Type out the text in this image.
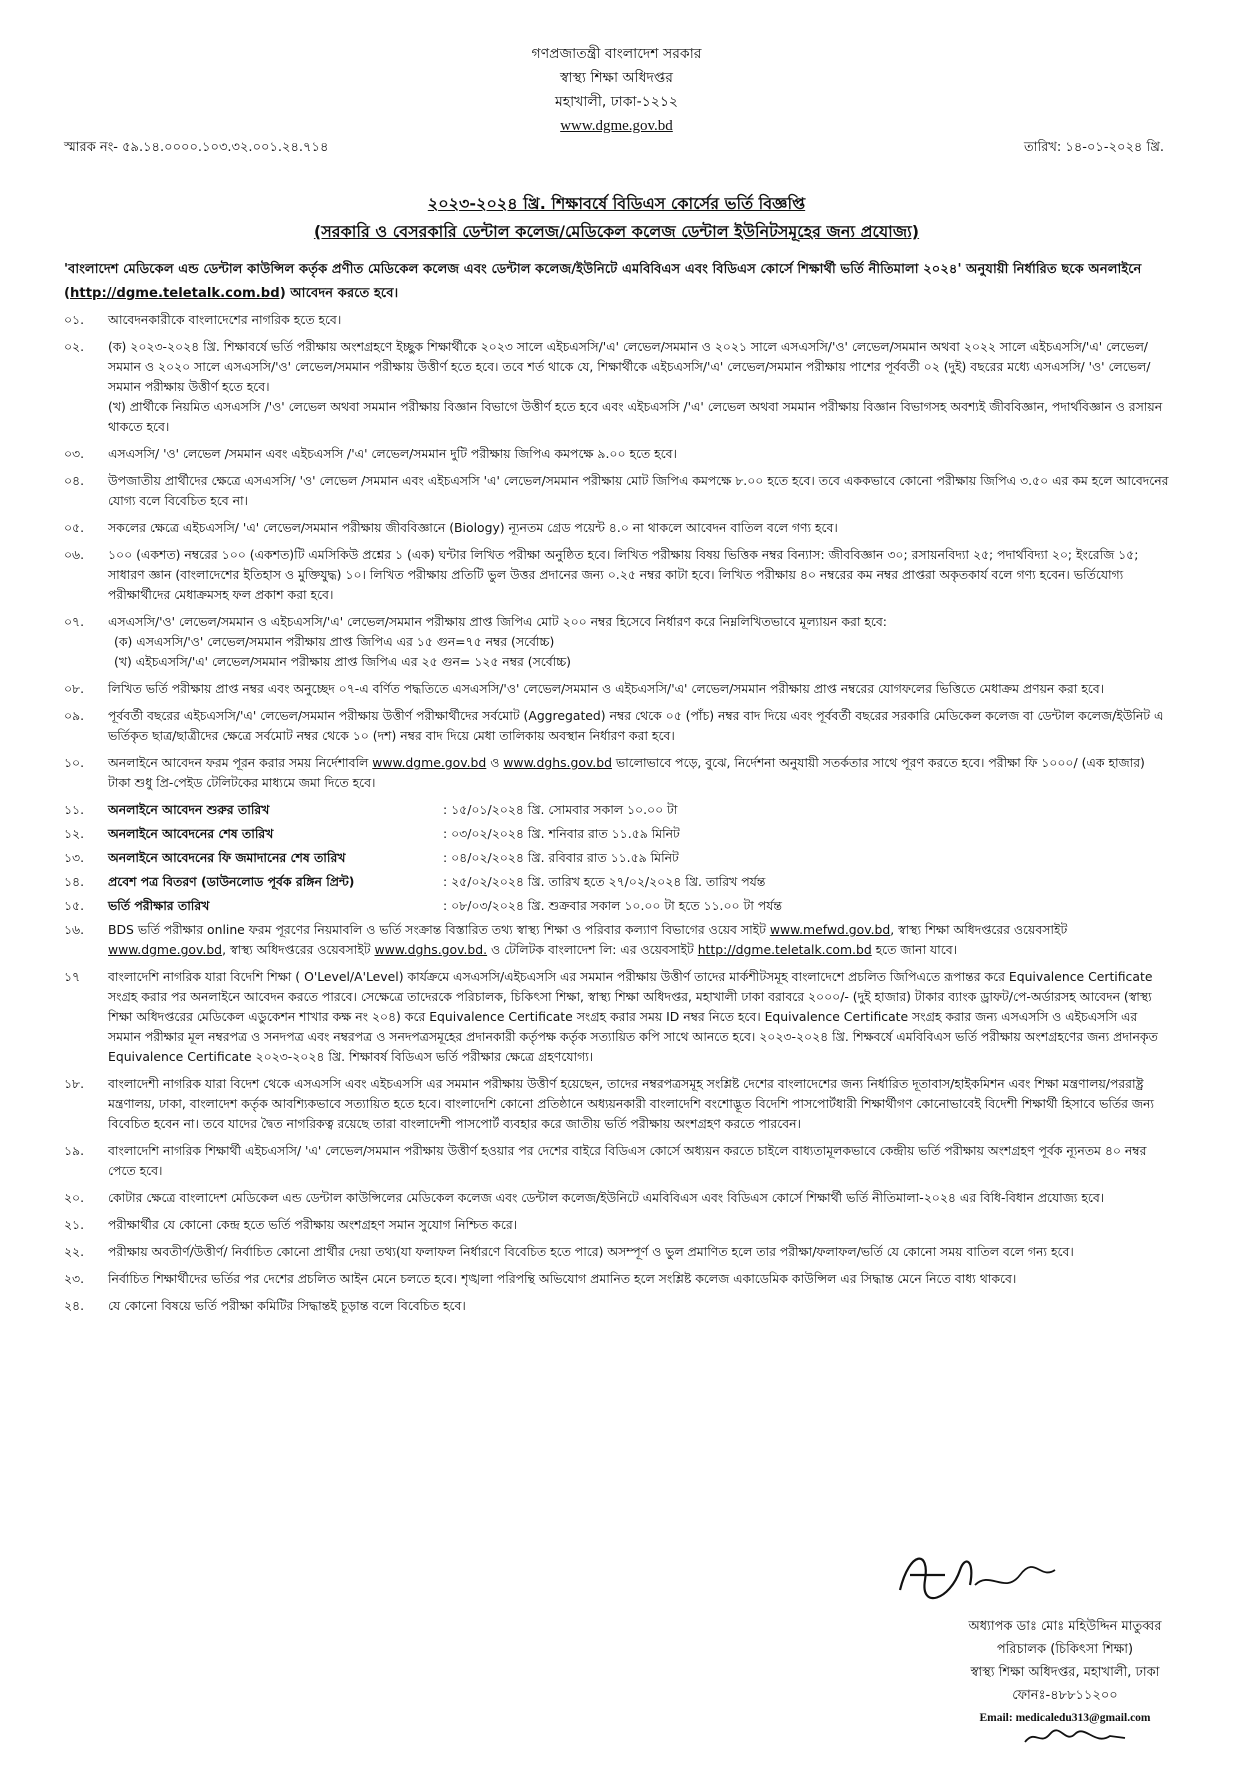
গণপ্রজাতন্ত্রী বাংলাদেশ সরকার
স্বাস্থ্য শিক্ষা অধিদপ্তর
মহাখালী, ঢাকা-১২১২
www.dgme.gov.bd
স্মারক নং- ৫৯.১৪.০০০০.১০৩.৩২.০০১.২৪.৭১৪	তারিখ: ১৪-০১-২০২৪ খ্রি.
২০২৩-২০২৪ খ্রি. শিক্ষাবর্ষে বিডিএস কোর্সের ভর্তি বিজ্ঞপ্তি
(সরকারি ও বেসরকারি ডেন্টাল কলেজ/মেডিকেল কলেজ ডেন্টাল ইউনিটসমূহের জন্য প্রযোজ্য)
'বাংলাদেশ মেডিকেল এন্ড ডেন্টাল কাউন্সিল কর্তৃক প্রণীত মেডিকেল কলেজ এবং ডেন্টাল কলেজ/ইউনিটে এমবিবিএস এবং বিডিএস কোর্সে শিক্ষার্থী ভর্তি নীতিমালা ২০২৪' অনুযায়ী নির্ধারিত ছকে অনলাইনে (http://dgme.teletalk.com.bd) আবেদন করতে হবে।
০১. আবেদনকারীকে বাংলাদেশের নাগরিক হতে হবে।
০২. (ক) ২০২৩-২০২৪ খ্রি. শিক্ষাবর্ষে ভর্তি পরীক্ষায় অংশগ্রহণে ইচ্ছুক শিক্ষার্থীকে ২০২৩ সালে এইচএসসি/'এ' লেভেল/সমমান ও ২০২১ সালে এসএসসি/'ও' লেভেল/সমমান অথবা ২০২২ সালে এইচএসসি/'এ' লেভেল/সমমান ও ২০২০ সালে এসএসসি/'ও' লেভেল/সমমান পরীক্ষায় উত্তীর্ণ হতে হবে। তবে শর্ত থাকে যে, শিক্ষার্থীকে এইচএসসি/'এ' লেভেল/সমমান পরীক্ষায় পাশের পূর্ববর্তী ০২ (দুই) বছরের মধ্যে এসএসসি/ 'ও' লেভেল/ সমমান পরীক্ষায় উত্তীর্ণ হতে হবে।
(খ) প্রার্থীকে নিয়মিত এসএসসি /'ও' লেভেল অথবা সমমান পরীক্ষায় বিজ্ঞান বিভাগে উত্তীর্ণ হতে হবে এবং এইচএসসি /'এ' লেভেল অথবা সমমান পরীক্ষায় বিজ্ঞান বিভাগসহ অবশ্যই জীববিজ্ঞান, পদার্থবিজ্ঞান ও রসায়ন থাকতে হবে।
০৩. এসএসসি/ 'ও' লেভেল /সমমান এবং এইচএসসি /'এ' লেভেল/সমমান দুটি পরীক্ষায় জিপিএ কমপক্ষে ৯.০০ হতে হবে।
০৪. উপজাতীয় প্রার্থীদের ক্ষেত্রে এসএসসি/ 'ও' লেভেল /সমমান এবং এইচএসসি 'এ' লেভেল/সমমান পরীক্ষায় মোট জিপিএ কমপক্ষে ৮.০০ হতে হবে। তবে এককভাবে কোনো পরীক্ষায় জিপিএ ৩.৫০ এর কম হলে আবেদনের যোগ্য বলে বিবেচিত হবে না।
০৫. সকলের ক্ষেত্রে এইচএসসি/ 'এ' লেভেল/সমমান পরীক্ষায় জীববিজ্ঞানে (Biology) ন্যূনতম গ্রেড পয়েন্ট ৪.০ না থাকলে আবেদন বাতিল বলে গণ্য হবে।
০৬. ১০০ (একশত) নম্বরের ১০০ (একশত)টি এমসিকিউ প্রশ্নের ১ (এক) ঘন্টার লিখিত পরীক্ষা অনুষ্ঠিত হবে। লিখিত পরীক্ষায় বিষয় ভিত্তিক নম্বর বিন্যাস: জীববিজ্ঞান ৩০; রসায়নবিদ্যা ২৫; পদার্থবিদ্যা ২০; ইংরেজি ১৫; সাধারণ জ্ঞান (বাংলাদেশের ইতিহাস ও মুক্তিযুদ্ধ) ১০। লিখিত পরীক্ষায় প্রতিটি ভুল উত্তর প্রদানের জন্য ০.২৫ নম্বর কাটা হবে। লিখিত পরীক্ষায় ৪০ নম্বরের কম নম্বর প্রাপ্তরা অকৃতকার্য বলে গণ্য হবেন। ভর্তিযোগ্য পরীক্ষার্থীদের মেধাক্রমসহ ফল প্রকাশ করা হবে।
০৭. এসএসসি/'ও' লেভেল/সমমান ও এইচএসসি/'এ' লেভেল/সমমান পরীক্ষায় প্রাপ্ত জিপিএ মোট ২০০ নম্বর হিসেবে নির্ধারণ করে নিম্নলিখিতভাবে মূল্যায়ন করা হবে:
(ক) এসএসসি/'ও' লেভেল/সমমান পরীক্ষায় প্রাপ্ত জিপিএ এর ১৫ গুন=৭৫ নম্বর (সর্বোচ্চ)
(খ) এইচএসসি/'এ' লেভেল/সমমান পরীক্ষায় প্রাপ্ত জিপিএ এর ২৫ গুন= ১২৫ নম্বর (সর্বোচ্চ)
০৮. লিখিত ভর্তি পরীক্ষায় প্রাপ্ত নম্বর এবং অনুচ্ছেদ ০৭-এ বর্ণিত পদ্ধতিতে এসএসসি/'ও' লেভেল/সমমান ও এইচএসসি/'এ' লেভেল/সমমান পরীক্ষায় প্রাপ্ত নম্বরের যোগফলের ভিত্তিতে মেধাক্রম প্রণয়ন করা হবে।
০৯. পূর্ববর্তী বছরের এইচএসসি/'এ' লেভেল/সমমান পরীক্ষায় উত্তীর্ণ পরীক্ষার্থীদের সর্বমোট (Aggregated) নম্বর থেকে ০৫ (পাঁচ) নম্বর বাদ দিয়ে এবং পূর্ববর্তী বছরের সরকারি মেডিকেল কলেজ বা ডেন্টাল কলেজ/ইউনিট এ ভর্তিকৃত ছাত্র/ছাত্রীদের ক্ষেত্রে সর্বমোট নম্বর থেকে ১০ (দশ) নম্বর বাদ দিয়ে মেধা তালিকায় অবস্থান নির্ধারণ করা হবে।
১০. অনলাইনে আবেদন ফরম পূরন করার সময় নির্দেশাবলি www.dgme.gov.bd ও www.dghs.gov.bd ভালোভাবে পড়ে, বুঝে, নির্দেশনা অনুযায়ী সতর্কতার সাথে পূরণ করতে হবে। পরীক্ষা ফি ১০০০/ (এক হাজার) টাকা শুধু প্রি-পেইড টেলিটকের মাধ্যমে জমা দিতে হবে।
১১. অনলাইনে আবেদন শুরুর তারিখ	: ১৫/০১/২০২৪ খ্রি. সোমবার সকাল ১০.০০ টা
১২. অনলাইনে আবেদনের শেষ তারিখ	: ০৩/০২/২০২৪ খ্রি. শনিবার রাত ১১.৫৯ মিনিট
১৩. অনলাইনে আবেদনের ফি জমাদানের শেষ তারিখ	: ০৪/০২/২০২৪ খ্রি. রবিবার রাত ১১.৫৯ মিনিট
১৪. প্রবেশ পত্র বিতরণ (ডাউনলোড পূর্বক রঙ্গিন প্রিন্ট)	: ২৫/০২/২০২৪ খ্রি. তারিখ হতে ২৭/০২/২০২৪ খ্রি. তারিখ পর্যন্ত
১৫. ভর্তি পরীক্ষার তারিখ	: ০৮/০৩/২০২৪ খ্রি. শুক্রবার সকাল ১০.০০ টা হতে ১১.০০ টা পর্যন্ত
১৬. BDS ভর্তি পরীক্ষার online ফরম পূরণের নিয়মাবলি ও ভর্তি সংক্রান্ত বিস্তারিত তথ্য স্বাস্থ্য শিক্ষা ও পরিবার কল্যাণ বিভাগের ওয়েব সাইট www.mefwd.gov.bd, স্বাস্থ্য শিক্ষা অধিদপ্তরের ওয়েবসাইট www.dgme.gov.bd, স্বাস্থ্য অধিদপ্তরের ওয়েবসাইট www.dghs.gov.bd. ও টেলিটক বাংলাদেশ লি: এর ওয়েবসাইট http://dgme.teletalk.com.bd হতে জানা যাবে।
১৭ বাংলাদেশি নাগরিক যারা বিদেশি শিক্ষা ( O'Level/A'Level) কার্যক্রমে এসএসসি/এইচএসসি এর সমমান পরীক্ষায় উত্তীর্ণ তাদের মার্কশীটসমূহ বাংলাদেশে প্রচলিত জিপিএতে রূপান্তর করে Equivalence Certificate সংগ্রহ করার পর অনলাইনে আবেদন করতে পারবে। সেক্ষেত্রে তাদেরকে পরিচালক, চিকিৎসা শিক্ষা, স্বাস্থ্য শিক্ষা অধিদপ্তর, মহাখালী ঢাকা বরাবরে ২০০০/- (দুই হাজার) টাকার ব্যাংক ড্রাফট/পে-অর্ডারসহ আবেদন (স্বাস্থ্য শিক্ষা অধিদপ্তরের মেডিকেল এডুকেশন শাখার কক্ষ নং ২০৪) করে Equivalence Certificate সংগ্রহ করার সময় ID নম্বর নিতে হবে। Equivalence Certificate সংগ্রহ করার জন্য এসএসসি ও এইচএসসি এর সমমান পরীক্ষার মূল নম্বরপত্র ও সনদপত্র এবং নম্বরপত্র ও সনদপত্রসমূহের প্রদানকারী কর্তৃপক্ষ কর্তৃক সত্যায়িত কপি সাথে আনতে হবে। ২০২৩-২০২৪ খ্রি. শিক্ষবর্ষে এমবিবিএস ভর্তি পরীক্ষায় অংশগ্রহণের জন্য প্রদানকৃত Equivalence Certificate ২০২৩-২০২৪ খ্রি. শিক্ষাবর্ষ বিডিএস ভর্তি পরীক্ষার ক্ষেত্রে গ্রহণযোগ্য।
১৮. বাংলাদেশী নাগরিক যারা বিদেশ থেকে এসএসসি এবং এইচএসসি এর সমমান পরীক্ষায় উত্তীর্ণ হয়েছেন, তাদের নম্বরপত্রসমূহ সংশ্লিষ্ট দেশের বাংলাদেশের জন্য নির্ধারিত দূতাবাস/হাইকমিশন এবং শিক্ষা মন্ত্রণালয়/পররাষ্ট্র মন্ত্রণালয়, ঢাকা, বাংলাদেশ কর্তৃক আবশ্যিকভাবে সত্যায়িত হতে হবে। বাংলাদেশি কোনো প্রতিষ্ঠানে অধ্যয়নকারী বাংলাদেশি বংশোদ্ভূত বিদেশি পাসপোর্টধারী শিক্ষার্থীগণ কোনোভাবেই বিদেশী শিক্ষার্থী হিসাবে ভর্তির জন্য বিবেচিত হবেন না। তবে যাদের দ্বৈত নাগরিকত্ব রয়েছে তারা বাংলাদেশী পাসপোর্ট ব্যবহার করে জাতীয় ভর্তি পরীক্ষায় অংশগ্রহণ করতে পারবেন।
১৯. বাংলাদেশি নাগরিক শিক্ষার্থী এইচএসসি/ 'এ' লেভেল/সমমান পরীক্ষায় উত্তীর্ণ হওয়ার পর দেশের বাইরে বিডিএস কোর্সে অধ্যয়ন করতে চাইলে বাধ্যতামূলকভাবে কেন্দ্রীয় ভর্তি পরীক্ষায় অংশগ্রহণ পূর্বক ন্যূনতম ৪০ নম্বর পেতে হবে।
২০. কোটার ক্ষেত্রে বাংলাদেশ মেডিকেল এন্ড ডেন্টাল কাউন্সিলের মেডিকেল কলেজ এবং ডেন্টাল কলেজ/ইউনিটে এমবিবিএস এবং বিডিএস কোর্সে শিক্ষার্থী ভর্তি নীতিমালা-২০২৪ এর বিধি-বিধান প্রযোজ্য হবে।
২১. পরীক্ষার্থীর যে কোনো কেন্দ্র হতে ভর্তি পরীক্ষায় অংশগ্রহণ সমান সুযোগ নিশ্চিত করে।
২২. পরীক্ষায় অবতীর্ণ/উত্তীর্ণ/ নির্বাচিত কোনো প্রার্থীর দেয়া তথ্য(যা ফলাফল নির্ধারণে বিবেচিত হতে পারে) অসম্পূর্ণ ও ভুল প্রমাণিত হলে তার পরীক্ষা/ফলাফল/ভর্তি যে কোনো সময় বাতিল বলে গন্য হবে।
২৩. নির্বাচিত শিক্ষার্থীদের ভর্তির পর দেশের প্রচলিত আইন মেনে চলতে হবে। শৃঙ্খলা পরিপন্থি অভিযোগ প্রমানিত হলে সংশ্লিষ্ট কলেজ একাডেমিক কাউন্সিল এর সিদ্ধান্ত মেনে নিতে বাধ্য থাকবে।
২৪. যে কোনো বিষয়ে ভর্তি পরীক্ষা কমিটির সিদ্ধান্তই চূড়ান্ত বলে বিবেচিত হবে।
অধ্যাপক ডাঃ মোঃ মহিউদ্দিন মাতুব্বর
পরিচালক (চিকিৎসা শিক্ষা)
স্বাস্থ্য শিক্ষা অধিদপ্তর, মহাখালী, ঢাকা
ফোনঃ-৪৮৮১১২০০
Email: medicaledu313@gmail.com
